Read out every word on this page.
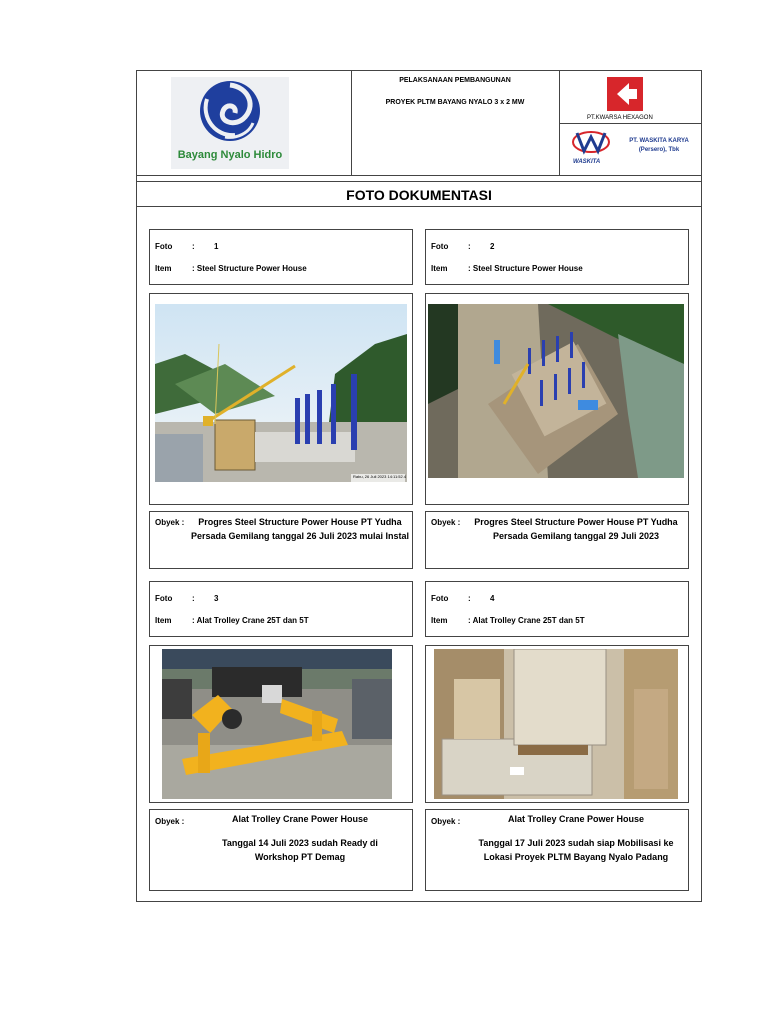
Bayang Nyalo Hidro
PELAKSANAAN PEMBANGUNAN
PROYEK PLTM BAYANG NYALO 3 x 2 MW
PT.KWARSA HEXAGON
WASKITA
PT. WASKITA KARYA (Persero), Tbk
FOTO DOKUMENTASI
Foto : 1
Item	: Steel Structure Power House
Rabu, 26 Juli 2023 14:11:52.4
Obyek :	Progres Steel Structure Power House PT Yudha
Persada Gemilang tanggal 26 Juli 2023 mulai Instal
Foto : 2
Item	: Steel Structure Power House
Obyek :	Progres Steel Structure Power House PT Yudha
Persada Gemilang tanggal 29 Juli 2023
Foto : 3
Item	: Alat Trolley Crane 25T dan 5T
Obyek :	Alat Trolley Crane Power House
Tanggal 14 Juli 2023 sudah Ready di
Workshop PT Demag
Foto : 4
Item	: Alat Trolley Crane 25T dan 5T
Obyek :	Alat Trolley Crane Power House
Tanggal 17 Juli 2023 sudah siap Mobilisasi ke
Lokasi Proyek PLTM Bayang Nyalo Padang
